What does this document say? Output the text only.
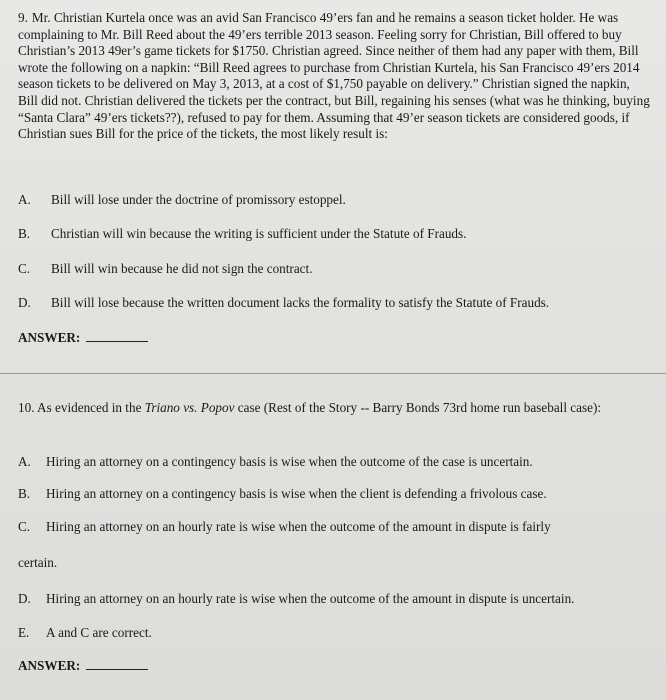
9. Mr. Christian Kurtela once was an avid San Francisco 49’ers fan and he remains a season ticket holder. He was complaining to Mr. Bill Reed about the 49’ers terrible 2013 season. Feeling sorry for Christian, Bill offered to buy Christian’s 2013 49er’s game tickets for $1750. Christian agreed. Since neither of them had any paper with them, Bill wrote the following on a napkin: “Bill Reed agrees to purchase from Christian Kurtela, his San Francisco 49’ers 2014 season tickets to be delivered on May 3, 2013, at a cost of $1,750 payable on delivery.” Christian signed the napkin, Bill did not. Christian delivered the tickets per the contract, but Bill, regaining his senses (what was he thinking, buying “Santa Clara” 49’ers tickets??), refused to pay for them. Assuming that 49’er season tickets are considered goods, if Christian sues Bill for the price of the tickets, the most likely result is:
A. Bill will lose under the doctrine of promissory estoppel.
B. Christian will win because the writing is sufficient under the Statute of Frauds.
C. Bill will win because he did not sign the contract.
D. Bill will lose because the written document lacks the formality to satisfy the Statute of Frauds.
ANSWER:
10. As evidenced in the Triano vs. Popov case (Rest of the Story -- Barry Bonds 73rd home run baseball case):
A. Hiring an attorney on a contingency basis is wise when the outcome of the case is uncertain.
B. Hiring an attorney on a contingency basis is wise when the client is defending a frivolous case.
C. Hiring an attorney on an hourly rate is wise when the outcome of the amount in dispute is fairly
certain.
D. Hiring an attorney on an hourly rate is wise when the outcome of the amount in dispute is uncertain.
E. A and C are correct.
ANSWER:
